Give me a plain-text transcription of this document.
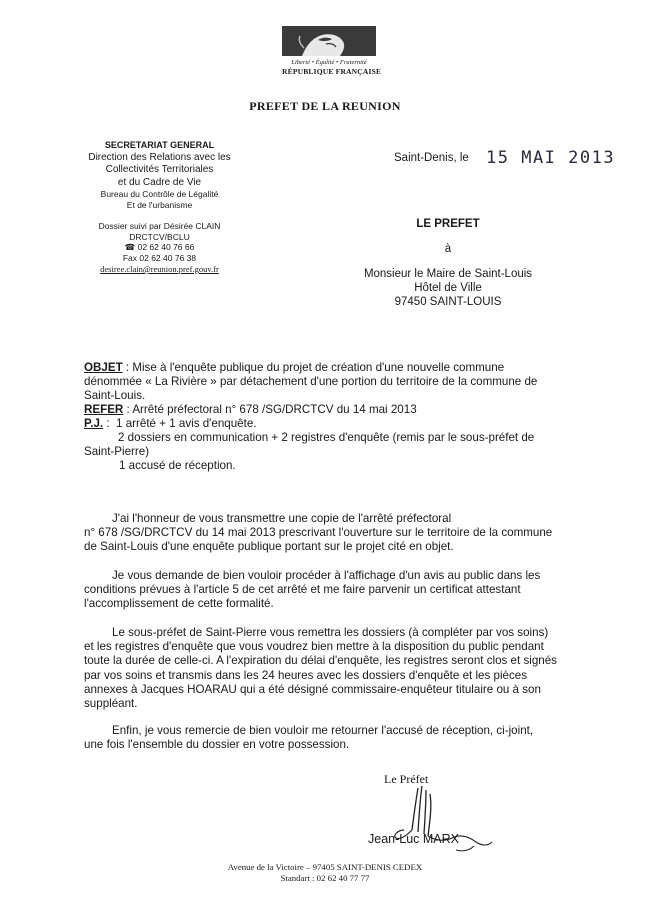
Liberté • Égalité • Fraternité
RÉPUBLIQUE FRANÇAISE
PREFET DE LA REUNION
SECRETARIAT GENERAL
Direction des Relations avec les
Collectivités Territoriales
et du Cadre de Vie
Bureau du Contrôle de Légalité
Et de l'urbanisme
Dossier suivi par Désirée CLAIN
DRCTCV/BCLU
☎ 02 62 40 76 66
Fax 02 62 40 76 38
desiree.clain@reunion.pref.gouv.fr
Saint-Denis, le 15 MAI 2013
LE PREFET
à
Monsieur le Maire de Saint-Louis
Hôtel de Ville
97450 SAINT-LOUIS
OBJET : Mise à l'enquête publique du projet de création d'une nouvelle commune
dénommée « La Rivière » par détachement d'une portion du territoire de la commune de
Saint-Louis.
REFER : Arrêté préfectoral n° 678 /SG/DRCTCV du 14 mai 2013
P.J. :  1 arrêté + 1 avis d'enquête.
2 dossiers en communication + 2 registres d'enquête (remis par le sous-préfet de
Saint-Pierre)
1 accusé de réception.
J'ai l'honneur de vous transmettre une copie de l'arrêté préfectoral
n° 678 /SG/DRCTCV du 14 mai 2013 prescrivant l'ouverture sur le territoire de la commune
de Saint-Louis d'une enquête publique portant sur le projet cité en objet.
Je vous demande de bien vouloir procéder à l'affichage d'un avis au public dans les
conditions prévues à l'article 5 de cet arrêté et me faire parvenir un certificat attestant
l'accomplissement de cette formalité.
Le sous-préfet de Saint-Pierre vous remettra les dossiers (à compléter par vos soins)
et les registres d'enquête que vous voudrez bien mettre à la disposition du public pendant
toute la durée de celle-ci. A l'expiration du délai d'enquête, les registres seront clos et signés
par vos soins et transmis dans les 24 heures avec les dossiers d'enquête et les pièces
annexes à Jacques HOARAU qui a été désigné commissaire-enquêteur titulaire ou à son
suppléant.
Enfin, je vous remercie de bien vouloir me retourner l'accusé de réception, ci-joint,
une fois l'ensemble du dossier en votre possession.
Le Préfet
Jean-Luc MARX
Avenue de la Victoire – 97405 SAINT-DENIS CEDEX
Standart : 02 62 40 77 77
